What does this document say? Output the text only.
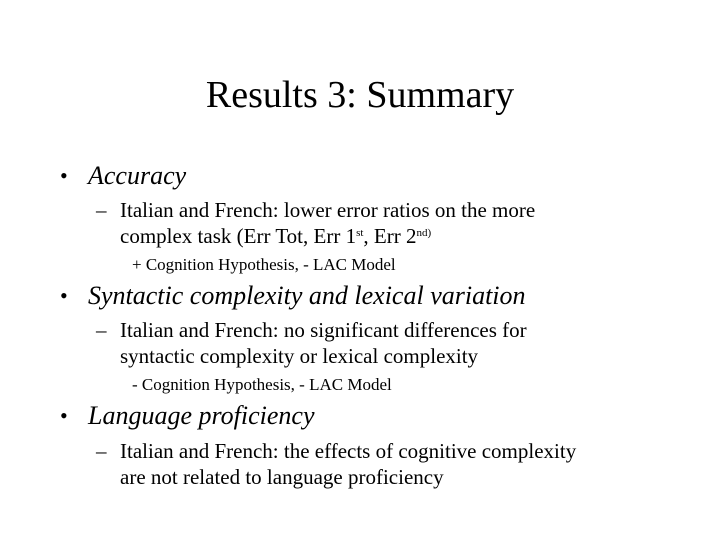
Results 3: Summary
• Accuracy
– Italian and French: lower error ratios on the more
complex task (Err Tot, Err 1st, Err $2^{nd)}$
+ Cognition Hypothesis, - LAC Model
• Syntactic complexity and lexical variation
– Italian and French: no significant differences for
syntactic complexity or lexical complexity
- Cognition Hypothesis, - LAC Model
• Language proficiency
– Italian and French: the effects of cognitive complexity
are not related to language proficiency
